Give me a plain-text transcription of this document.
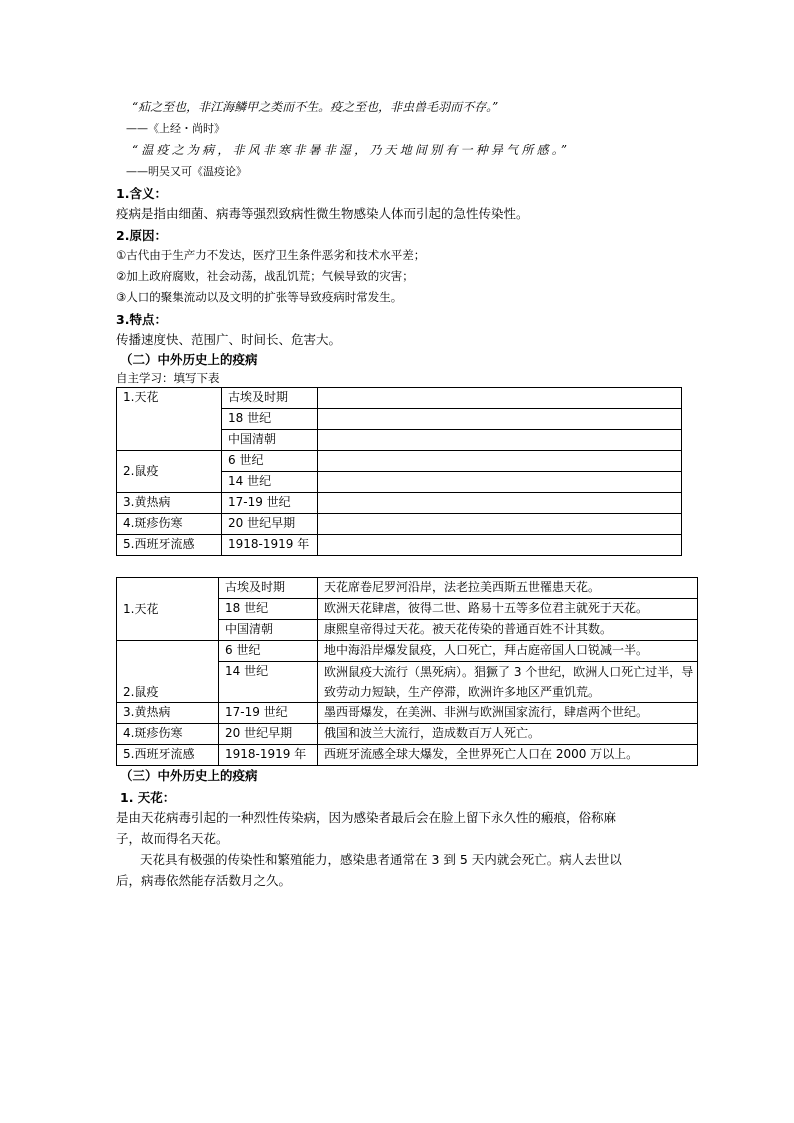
“疝之至也，非江海鳞甲之类而不生。疫之至也，非虫兽毛羽而不存。”
——《上经・尚时》
“温疫之为病，非风非寒非暑非湿，乃天地间别有一种异气所感。”
——明吴又可《温疫论》
1.含义：
疫病是指由细菌、病毒等强烈致病性微生物感染人体而引起的急性传染性。
2.原因：
①古代由于生产力不发达，医疗卫生条件恶劣和技术水平差；
②加上政府腐败，社会动荡，战乱饥荒；气候导致的灾害；
③人口的聚集流动以及文明的扩张等导致疫病时常发生。
3.特点：
传播速度快、范围广、时间长、危害大。
（二）中外历史上的疫病
自主学习：填写下表
1.天花	古埃及时期	
	18 世纪	
	中国清朝	
2.鼠疫	6 世纪	
	14 世纪	
3.黄热病	17-19 世纪	
4.斑疹伤寒	20 世纪早期	
5.西班牙流感	1918-1919 年	
1.天花	古埃及时期	天花席卷尼罗河沿岸，法老拉美西斯五世罹患天花。
	18 世纪	欧洲天花肆虐，彼得二世、路易十五等多位君主就死于天花。
	中国清朝	康熙皇帝得过天花。被天花传染的普通百姓不计其数。
2.鼠疫	6 世纪	地中海沿岸爆发鼠疫，人口死亡，拜占庭帝国人口锐减一半。
	14 世纪	欧洲鼠疫大流行（黑死病）。猖獗了 3 个世纪，欧洲人口死亡过半，导致劳动力短缺，生产停滞，欧洲许多地区严重饥荒。
3.黄热病	17-19 世纪	墨西哥爆发，在美洲、非洲与欧洲国家流行，肆虐两个世纪。
4.斑疹伤寒	20 世纪早期	俄国和波兰大流行，造成数百万人死亡。
5.西班牙流感	1918-1919 年	西班牙流感全球大爆发，全世界死亡人口在 2000 万以上。
（三）中外历史上的疫病
1. 天花：
是由天花病毒引起的一种烈性传染病，因为感染者最后会在脸上留下永久性的瘢痕，俗称麻
子，故而得名天花。
天花具有极强的传染性和繁殖能力，感染患者通常在 3 到 5 天内就会死亡。病人去世以
后，病毒依然能存活数月之久。
